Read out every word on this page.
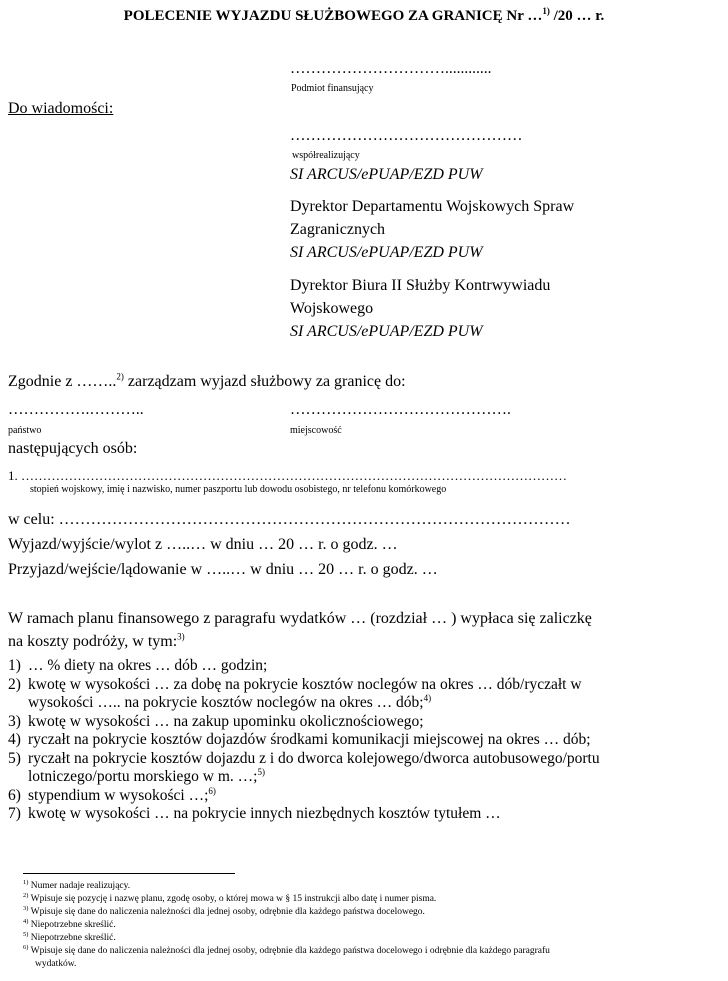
POLECENIE WYJAZDU SŁUŻBOWEGO ZA GRANICĘ Nr …$^{1)}$ /20 … r.
…………………………............
Podmiot finansujący
Do wiadomości:
………………………………………
współrealizujący
SI ARCUS/ePUAP/EZD PUW
Dyrektor Departamentu Wojskowych Spraw
Zagranicznych
SI ARCUS/ePUAP/EZD PUW
Dyrektor Biura II Służby Kontrwywiadu
Wojskowego
SI ARCUS/ePUAP/EZD PUW
Zgodnie z ……..$^{2)}$ zarządzam wyjazd służbowy za granicę do:
…………….………..
państwo
…………………………………….
miejscowość
następujących osób:
1. ………………………………………………………………………………………………………………
stopień wojskowy, imię i nazwisko, numer paszportu lub dowodu osobistego, nr telefonu komórkowego
w celu: ……………………………………………………………………………………
Wyjazd/wyjście/wylot z …..… w dniu … 20 … r. o godz. …
Przyjazd/wejście/lądowanie w …..… w dniu … 20 … r. o godz. …
W ramach planu finansowego z paragrafu wydatków … (rozdział … ) wypłaca się zaliczkę
na koszty podróży, w tym:$^{3)}$
1) … % diety na okres … dób … godzin;
2) kwotę w wysokości … za dobę na pokrycie kosztów noclegów na okres … dób/ryczałt w
wysokości ….. na pokrycie kosztów noclegów na okres … dób;$^{4)}$
3) kwotę w wysokości … na zakup upominku okolicznościowego;
4) ryczałt na pokrycie kosztów dojazdów środkami komunikacji miejscowej na okres … dób;
5) ryczałt na pokrycie kosztów dojazdu z i do dworca kolejowego/dworca autobusowego/portu
lotniczego/portu morskiego w m. …;$^{5)}$
6) stypendium w wysokości …;$^{6)}$
7) kwotę w wysokości … na pokrycie innych niezbędnych kosztów tytułem …
$^{1)}$ Numer nadaje realizujący.
$^{2)}$ Wpisuje się pozycję i nazwę planu, zgodę osoby, o której mowa w § 15 instrukcji albo datę i numer pisma.
$^{3)}$ Wpisuje się dane do naliczenia należności dla jednej osoby, odrębnie dla każdego państwa docelowego.
$^{4)}$ Niepotrzebne skreślić.
$^{5)}$ Niepotrzebne skreślić.
$^{6)}$ Wpisuje się dane do naliczenia należności dla jednej osoby, odrębnie dla każdego państwa docelowego i odrębnie dla każdego paragrafu
wydatków.
